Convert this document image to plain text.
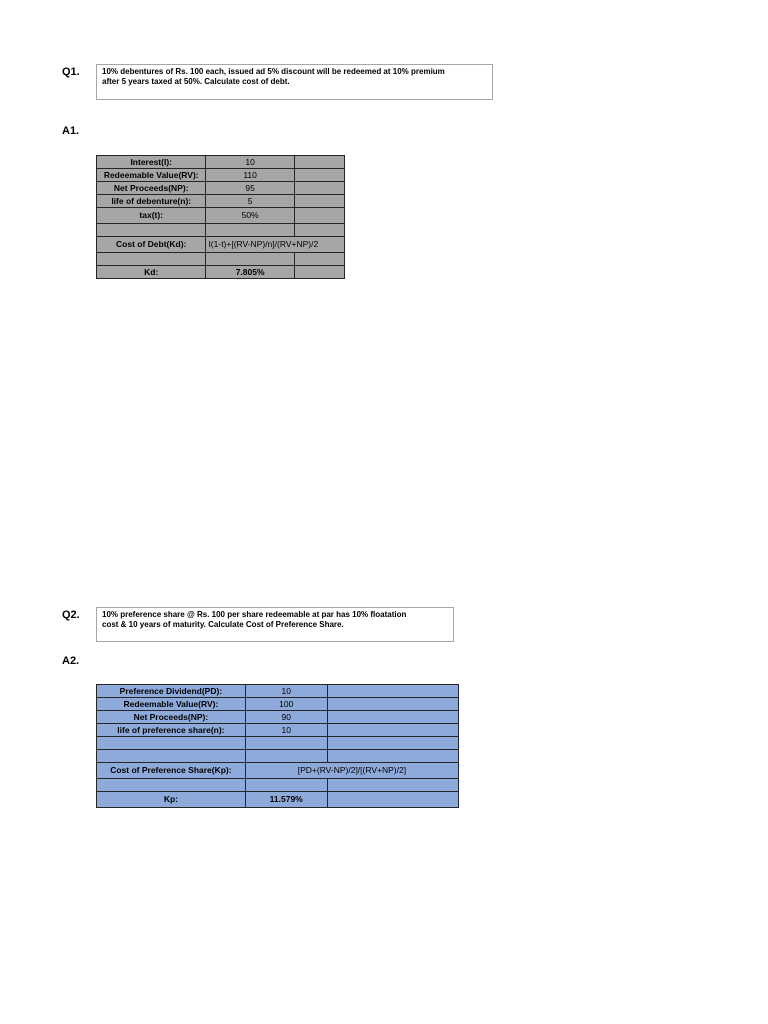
Q1.	10% debentures of Rs. 100 each, issued ad 5% discount will be redeemed at 10% premium
after 5 years taxed at 50%. Calculate cost of debt.
A1.
Interest(I):	10	
Redeemable Value(RV):	110	
Net Proceeds(NP):	95	
life of debenture(n):	5	
tax(t):	50%	

Cost of Debt(Kd):	I(1-t)+[(RV-NP)/n]/(RV+NP)/2	

Kd:	7.805%	
Q2.	10% preference share @ Rs. 100 per share redeemable at par has 10% floatation
cost & 10 years of maturity. Calculate Cost of Preference Share.
A2.
Preference Dividend(PD):	10	
Redeemable Value(RV):	100	
Net Proceeds(NP):	90	
life of preference share(n):	10	

Cost of Preference Share(Kp):	[PD+(RV-NP)/2]/[(RV+NP)/2]	

Kp:	11.579%	
